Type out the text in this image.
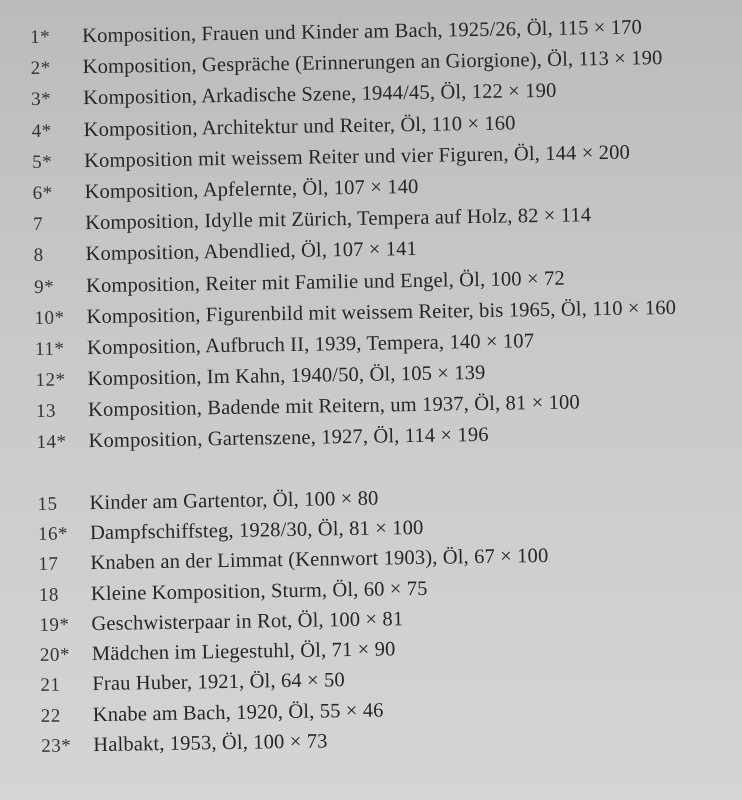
1*	Komposition, Frauen und Kinder am Bach, 1925/26, Öl, 115 × 170
2*	Komposition, Gespräche (Erinnerungen an Giorgione), Öl, 113 × 190
3*	Komposition, Arkadische Szene, 1944/45, Öl, 122 × 190
4*	Komposition, Architektur und Reiter, Öl, 110 × 160
5*	Komposition mit weissem Reiter und vier Figuren, Öl, 144 × 200
6*	Komposition, Apfelernte, Öl, 107 × 140
7	Komposition, Idylle mit Zürich, Tempera auf Holz, 82 × 114
8	Komposition, Abendlied, Öl, 107 × 141
9*	Komposition, Reiter mit Familie und Engel, Öl, 100 × 72
10*	Komposition, Figurenbild mit weissem Reiter, bis 1965, Öl, 110 × 160
11*	Komposition, Aufbruch II, 1939, Tempera, 140 × 107
12*	Komposition, Im Kahn, 1940/50, Öl, 105 × 139
13	Komposition, Badende mit Reitern, um 1937, Öl, 81 × 100
14*	Komposition, Gartenszene, 1927, Öl, 114 × 196
15	Kinder am Gartentor, Öl, 100 × 80
16*	Dampfschiffsteg, 1928/30, Öl, 81 × 100
17	Knaben an der Limmat (Kennwort 1903), Öl, 67 × 100
18	Kleine Komposition, Sturm, Öl, 60 × 75
19*	Geschwisterpaar in Rot, Öl, 100 × 81
20*	Mädchen im Liegestuhl, Öl, 71 × 90
21	Frau Huber, 1921, Öl, 64 × 50
22	Knabe am Bach, 1920, Öl, 55 × 46
23*	Halbakt, 1953, Öl, 100 × 73
